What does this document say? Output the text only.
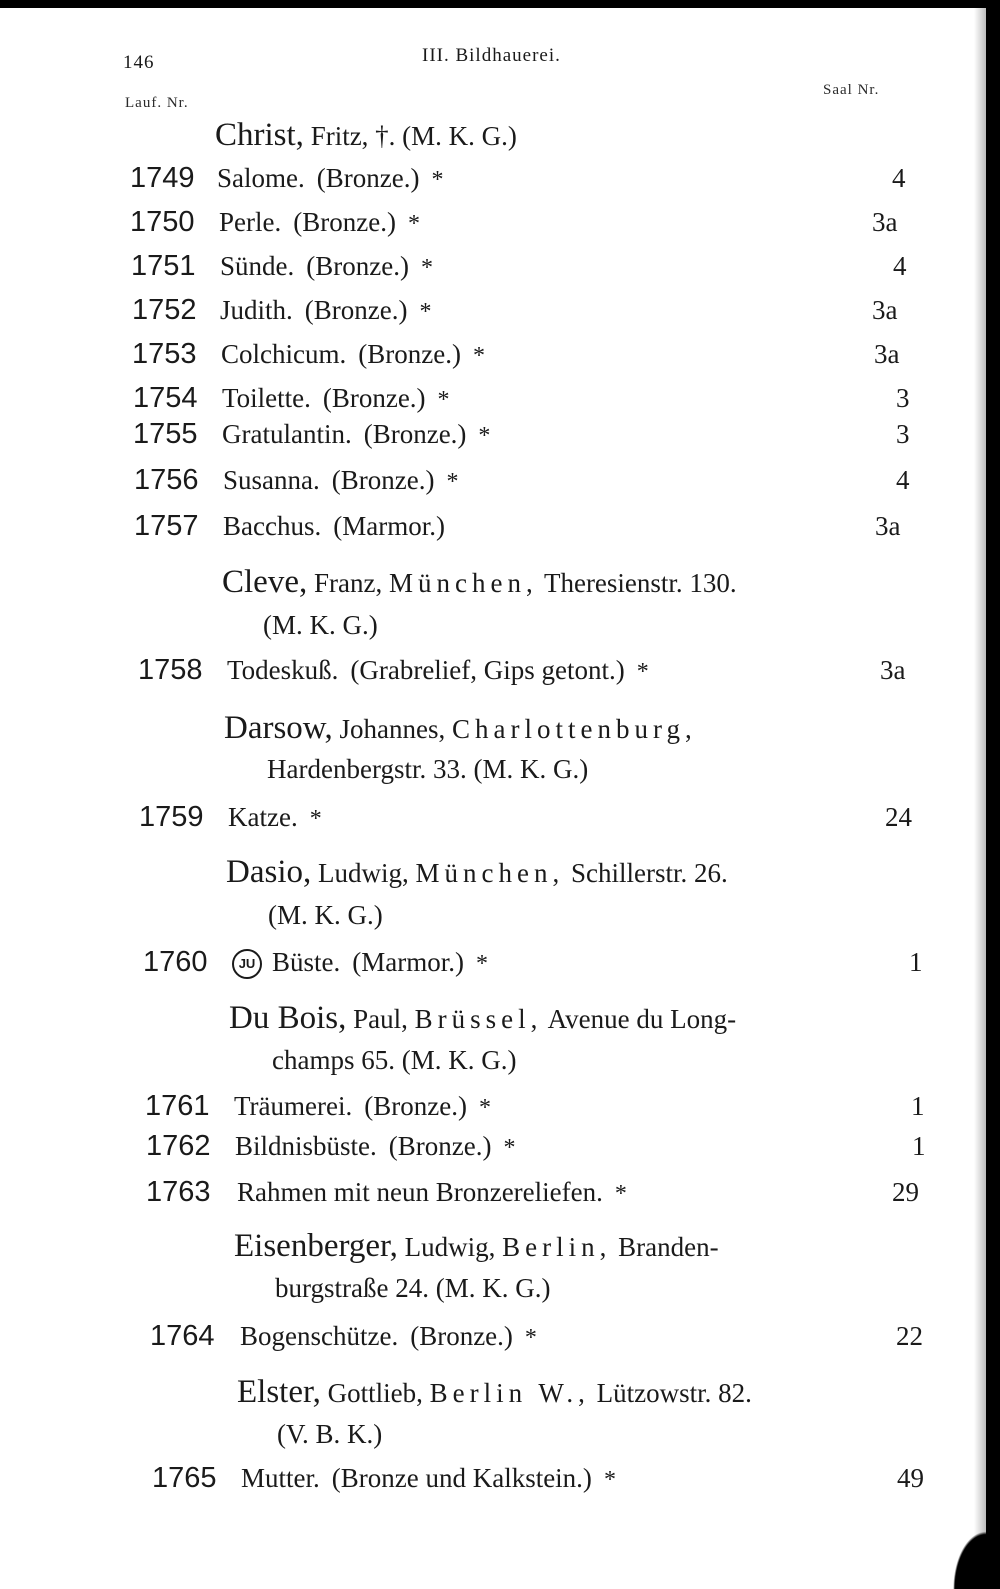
146	III. Bildhauerei.
Lauf. Nr.
Saal Nr.
Christ, Fritz, †. (M. K. G.)
1749 Salome. (Bronze.) *	4
1750 Perle. (Bronze.) *	3a
1751 Sünde. (Bronze.) *	4
1752 Judith. (Bronze.) *	3a
1753 Colchicum. (Bronze.) *	3a
1754 Toilette. (Bronze.) *	3
1755 Gratulantin. (Bronze.) *	3
1756 Susanna. (Bronze.) *	4
1757 Bacchus. (Marmor.)	3a
Cleve, Franz, München, Theresienstr. 130.
(M. K. G.)
1758 Todeskuß. (Grabrelief, Gips getont.) *	3a
Darsow, Johannes, Charlottenburg,
Hardenbergstr. 33. (M. K. G.)
1759 Katze. *	24
Dasio, Ludwig, München, Schillerstr. 26.
(M. K. G.)
1760	JU Büste. (Marmor.) *	1
Du Bois, Paul, Brüssel, Avenue du Long-
champs 65. (M. K. G.)
1761 Träumerei. (Bronze.) *	1
1762 Bildnisbüste. (Bronze.) *	1
1763 Rahmen mit neun Bronzereliefen. *	29
Eisenberger, Ludwig, Berlin, Branden-
burgstraße 24. (M. K. G.)
1764 Bogenschütze. (Bronze.) *	22
Elster, Gottlieb, Berlin W., Lützowstr. 82.
(V. B. K.)
1765 Mutter. (Bronze und Kalkstein.) *	49
